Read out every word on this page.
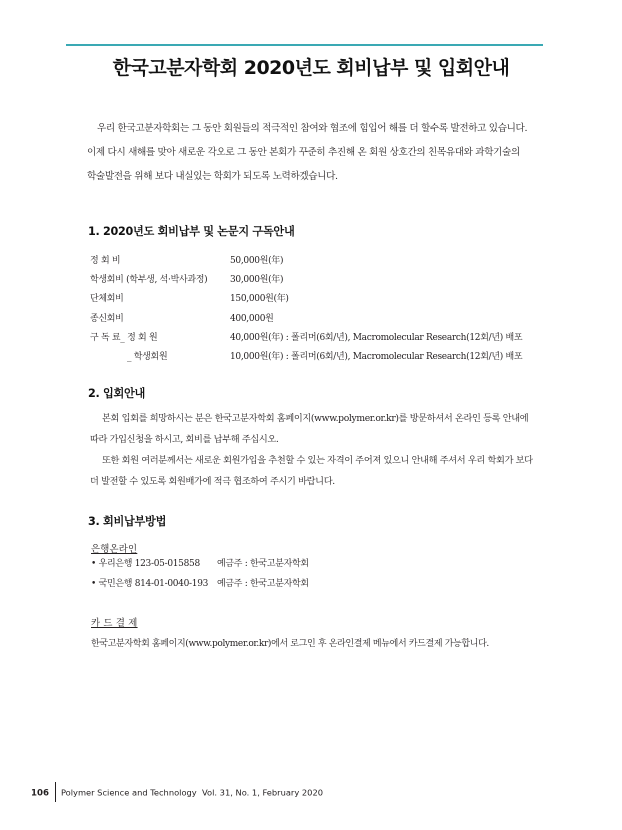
한국고분자학회 2020년도 회비납부 및 입회안내

우리 한국고분자학회는 그 동안 회원들의 적극적인 참여와 협조에 힘입어 해를 더 할수록 발전하고 있습니다.

이제 다시 새해를 맞아 새로운 각오로 그 동안 본회가 꾸준히 추진해 온 회원 상호간의 친목유대와 과학기술의

학술발전을 위해 보다 내실있는 학회가 되도록 노력하겠습니다.

1. 2020년도 회비납부 및 논문지 구독안내
정 회 비	50,000원(年)
학생회비 (학부생, 석·박사과정)	30,000원(年)
단체회비	150,000원(年)
종신회비	400,000원
구 독 료_ 정 회 원	40,000원(年) : 폴리머(6회/년), Macromolecular Research(12회/년) 배포
_ 학생회원	10,000원(年) : 폴리머(6회/년), Macromolecular Research(12회/년) 배포
2. 입회안내

본회 입회를 희망하시는 분은 한국고분자학회 홈페이지(www.polymer.or.kr)를 방문하셔서 온라인 등록 안내에

따라 가입신청을 하시고, 회비를 납부해 주십시오.

또한 회원 여러분께서는 새로운 회원가입을 추천할 수 있는 자격이 주어져 있으니 안내해 주셔서 우리 학회가 보다

더 발전할 수 있도록 회원배가에 적극 협조하여 주시기 바랍니다.

3. 회비납부방법
은행온라인
• 우리은행 123-05-015858 예금주 : 한국고분자학회
• 국민은행 814-01-0040-193 예금주 : 한국고분자학회
카 드 결 제
한국고분자학회 홈페이지(www.polymer.or.kr)에서 로그인 후 온라인결제 메뉴에서 카드결제 가능합니다.
106 Polymer Science and Technology Vol. 31, No. 1, February 2020
